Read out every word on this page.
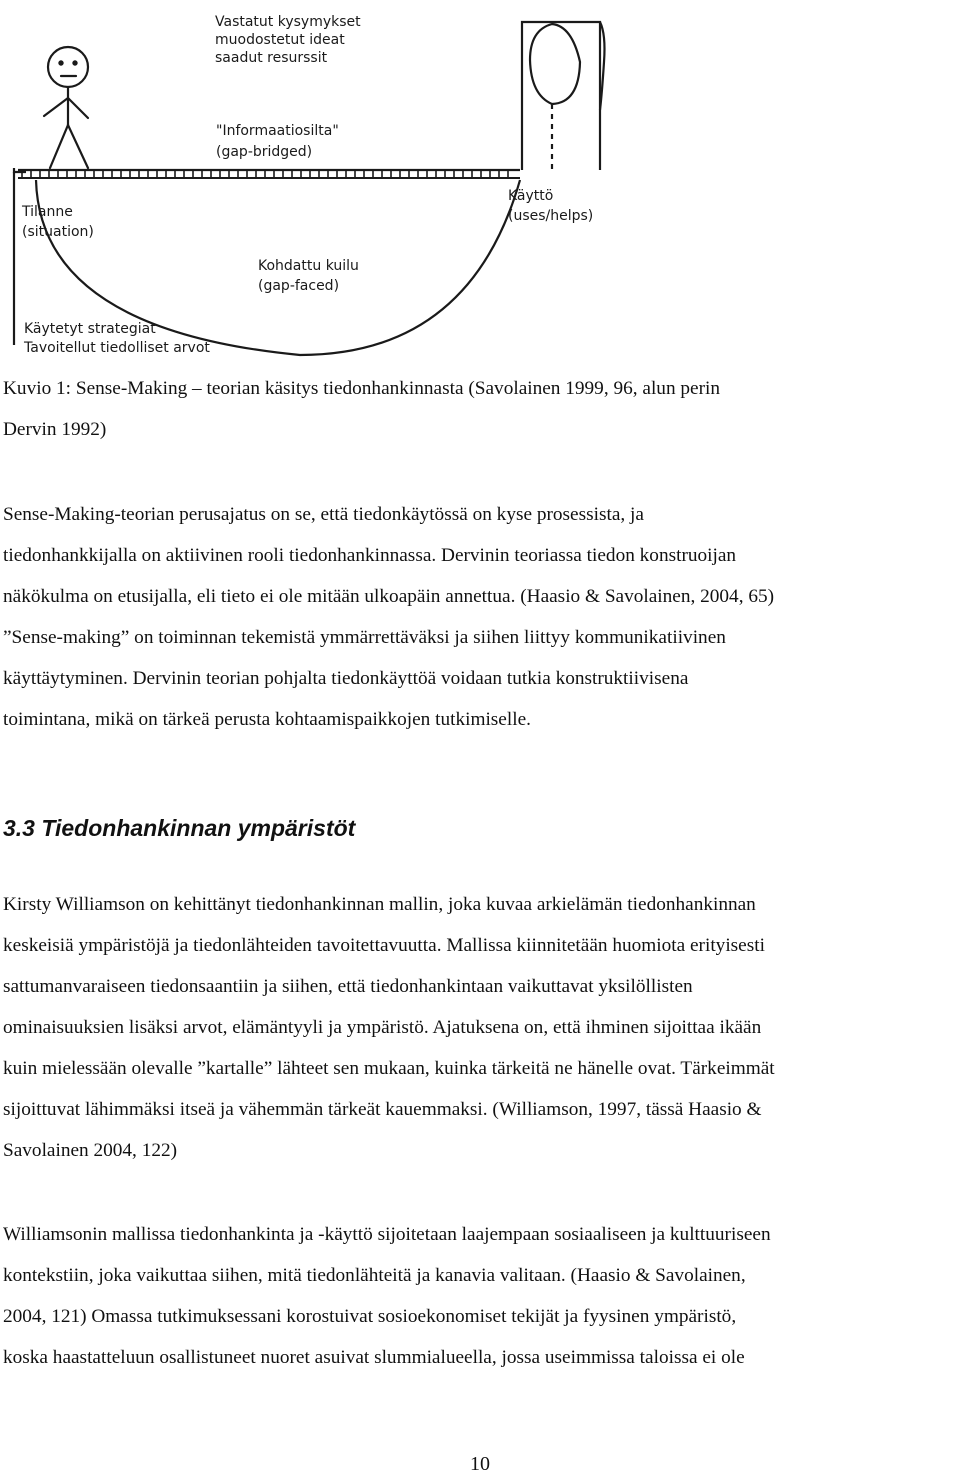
Vastatut kysymykset muodostetut ideat saadut resurssit
"Informaatiosilta" (gap-bridged)
Tilanne (situation)
Käyttö (uses/helps)
Kohdattu kuilu (gap-faced)
Käytetyt strategiat Tavoitellut tiedolliset arvot

Kuvio 1: Sense-Making – teorian käsitys tiedonhankinnasta (Savolainen 1999, 96, alun perin
Dervin 1992)

Sense-Making-teorian perusajatus on se, että tiedonkäytössä on kyse prosessista, ja
tiedonhankkijalla on aktiivinen rooli tiedonhankinnassa. Dervinin teoriassa tiedon konstruoijan
näkökulma on etusijalla, eli tieto ei ole mitään ulkoapäin annettua. (Haasio & Savolainen, 2004, 65)
”Sense-making” on toiminnan tekemistä ymmärrettäväksi ja siihen liittyy kommunikatiivinen
käyttäytyminen. Dervinin teorian pohjalta tiedonkäyttöä voidaan tutkia konstruktiivisena
toimintana, mikä on tärkeä perusta kohtaamispaikkojen tutkimiselle.

3.3 Tiedonhankinnan ympäristöt

Kirsty Williamson on kehittänyt tiedonhankinnan mallin, joka kuvaa arkielämän tiedonhankinnan
keskeisiä ympäristöjä ja tiedonlähteiden tavoitettavuutta. Mallissa kiinnitetään huomiota erityisesti
sattumanvaraiseen tiedonsaantiin ja siihen, että tiedonhankintaan vaikuttavat yksilöllisten
ominaisuuksien lisäksi arvot, elämäntyyli ja ympäristö. Ajatuksena on, että ihminen sijoittaa ikään
kuin mielessään olevalle ”kartalle” lähteet sen mukaan, kuinka tärkeitä ne hänelle ovat. Tärkeimmät
sijoittuvat lähimmäksi itseä ja vähemmän tärkeät kauemmaksi. (Williamson, 1997, tässä Haasio &
Savolainen 2004, 122)

Williamsonin mallissa tiedonhankinta ja -käyttö sijoitetaan laajempaan sosiaaliseen ja kulttuuriseen
kontekstiin, joka vaikuttaa siihen, mitä tiedonlähteitä ja kanavia valitaan. (Haasio & Savolainen,
2004, 121) Omassa tutkimuksessani korostuivat sosioekonomiset tekijät ja fyysinen ympäristö,
koska haastatteluun osallistuneet nuoret asuivat slummialueella, jossa useimmissa taloissa ei ole

10
